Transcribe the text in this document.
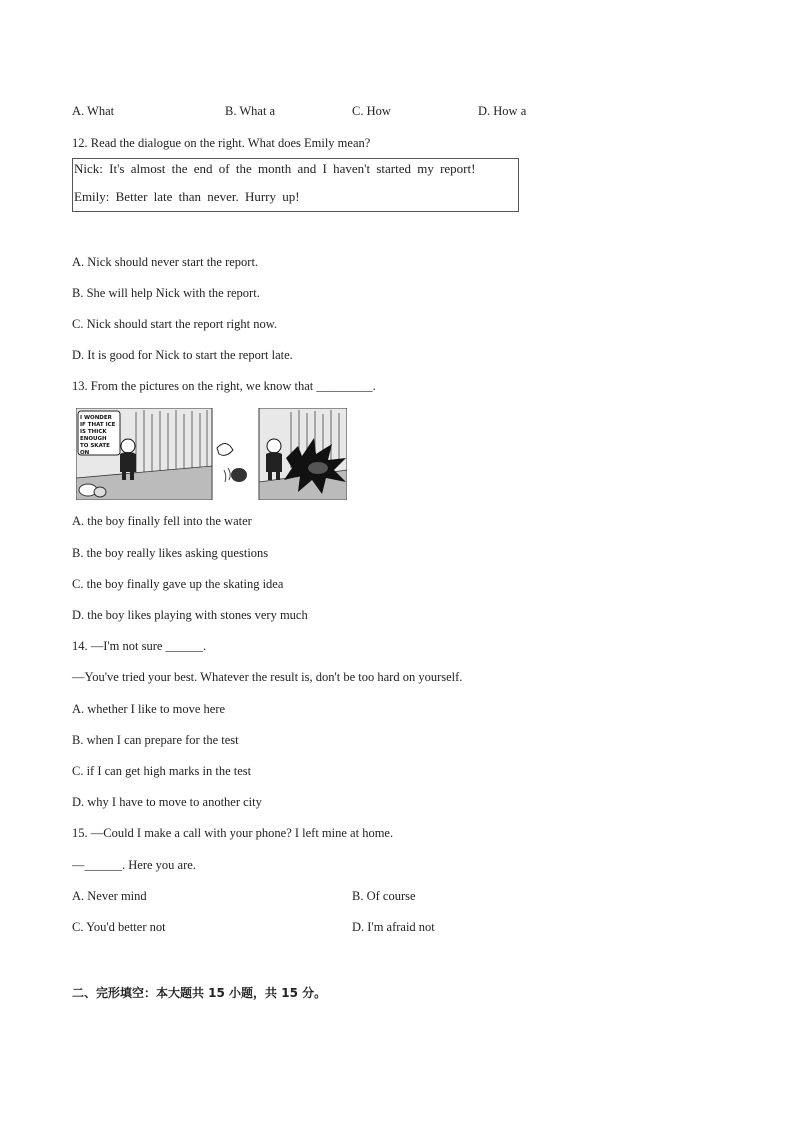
A. What	B. What a	C. How	D. How a
12. Read the dialogue on the right. What does Emily mean?
Nick: It's almost the end of the month and I haven't started my report!
Emily: Better late than never. Hurry up!
A. Nick should never start the report.
B. She will help Nick with the report.
C. Nick should start the report right now.
D. It is good for Nick to start the report late.
13. From the pictures on the right, we know that _________.
I WONDER
IF THAT ICE
IS THICK
ENOUGH
TO SKATE
ON
A. the boy finally fell into the water
B. the boy really likes asking questions
C. the boy finally gave up the skating idea
D. the boy likes playing with stones very much
14. —I'm not sure ______.
—You've tried your best. Whatever the result is, don't be too hard on yourself.
A. whether I like to move here
B. when I can prepare for the test
C. if I can get high marks in the test
D. why I have to move to another city
15. —Could I make a call with your phone? I left mine at home.
—______. Here you are.
A. Never mind	B. Of course
C. You'd better not	D. I'm afraid not
二、完形填空：本大题共 15 小题，共 15 分。
